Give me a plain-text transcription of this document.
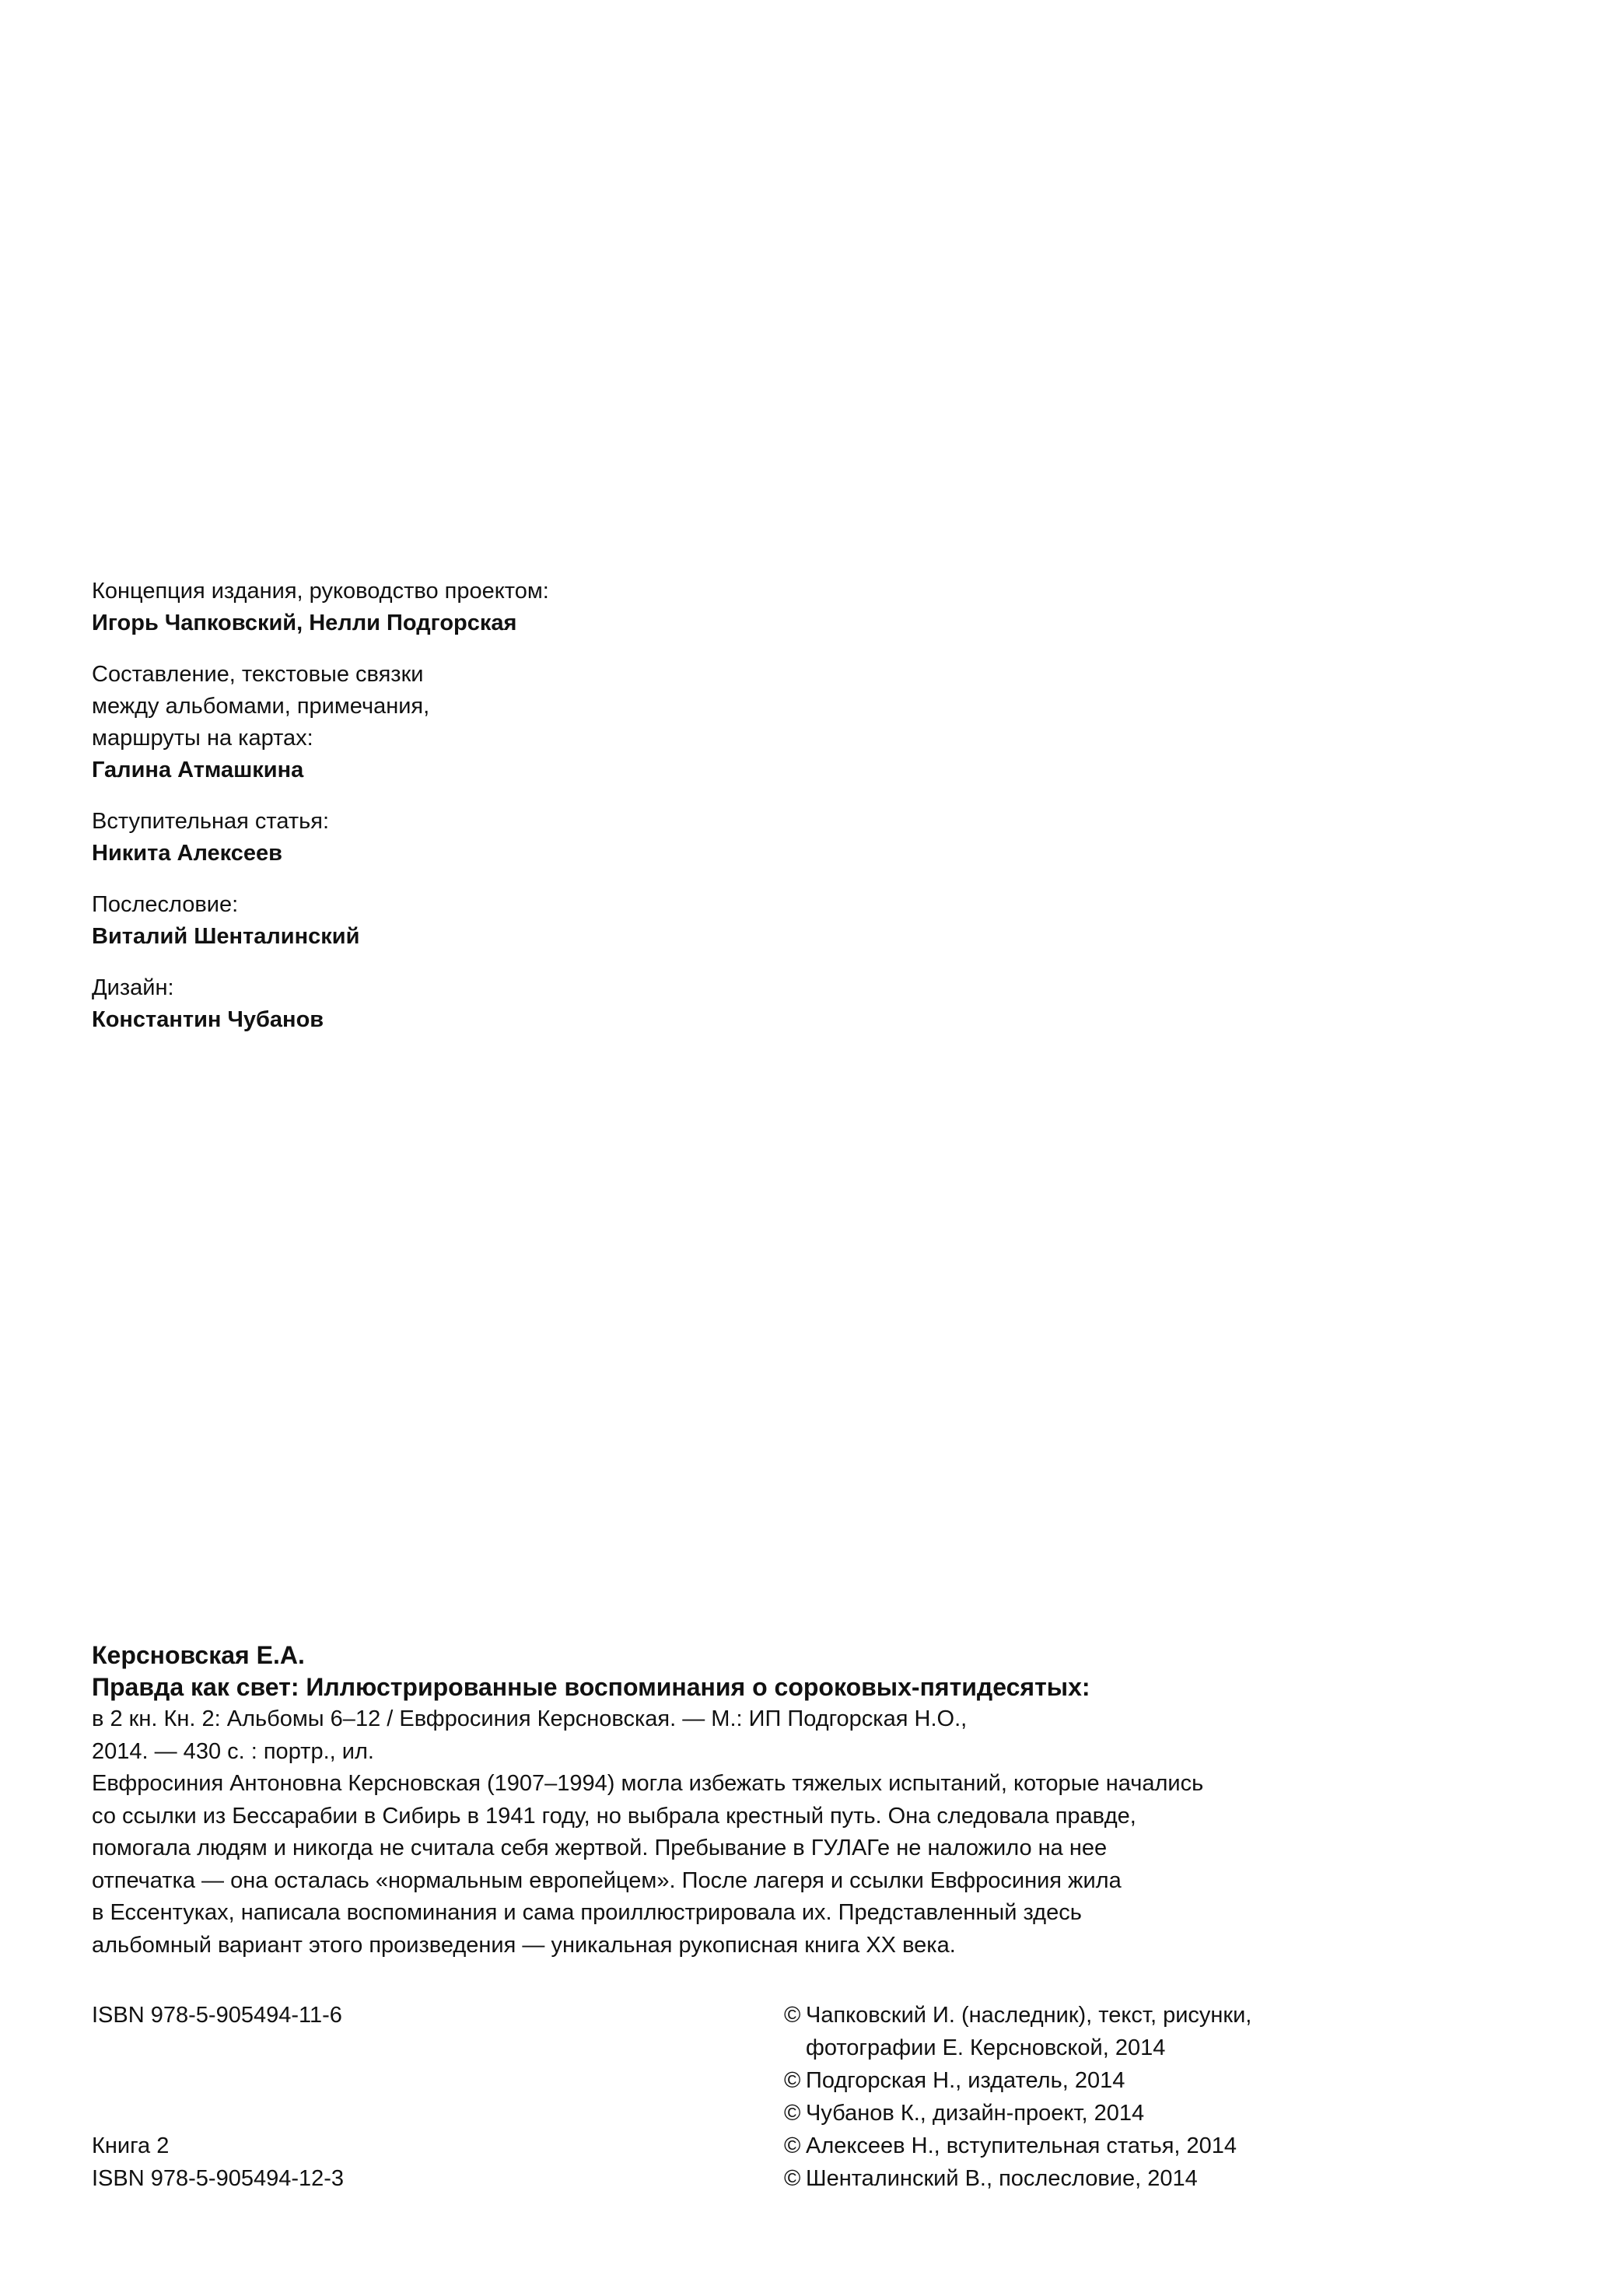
Концепция издания, руководство проектом:
Игорь Чапковский, Нелли Подгорская
Составление, текстовые связки
между альбомами, примечания,
маршруты на картах:
Галина Атмашкина
Вступительная статья:
Никита Алексеев
Послесловие:
Виталий Шенталинский
Дизайн:
Константин Чубанов
Керсновская Е.А.
Правда как свет: Иллюстрированные воспоминания о сороковых-пятидесятых:
в 2 кн. Кн. 2: Альбомы 6–12 / Евфросиния Керсновская. — М.: ИП Подгорская Н.О.,
2014. — 430 с. : портр., ил.
Евфросиния Антоновна Керсновская (1907–1994) могла избежать тяжелых испытаний, которые начались
со ссылки из Бессарабии в Сибирь в 1941 году, но выбрала крестный путь. Она следовала правде,
помогала людям и никогда не считала себя жертвой. Пребывание в ГУЛАГе не наложило на нее
отпечатка — она осталась «нормальным европейцем». После лагеря и ссылки Евфросиния жила
в Ессентуках, написала воспоминания и сама проиллюстрировала их. Представленный здесь
альбомный вариант этого произведения — уникальная рукописная книга XX века.
ISBN 978-5-905494-11-6
Книга 2
ISBN 978-5-905494-12-3
© Чапковский И. (наследник), текст, рисунки,
фотографии Е. Керсновской, 2014
© Подгорская Н., издатель, 2014
© Чубанов К., дизайн-проект, 2014
© Алексеев Н., вступительная статья, 2014
© Шенталинский В., послесловие, 2014
